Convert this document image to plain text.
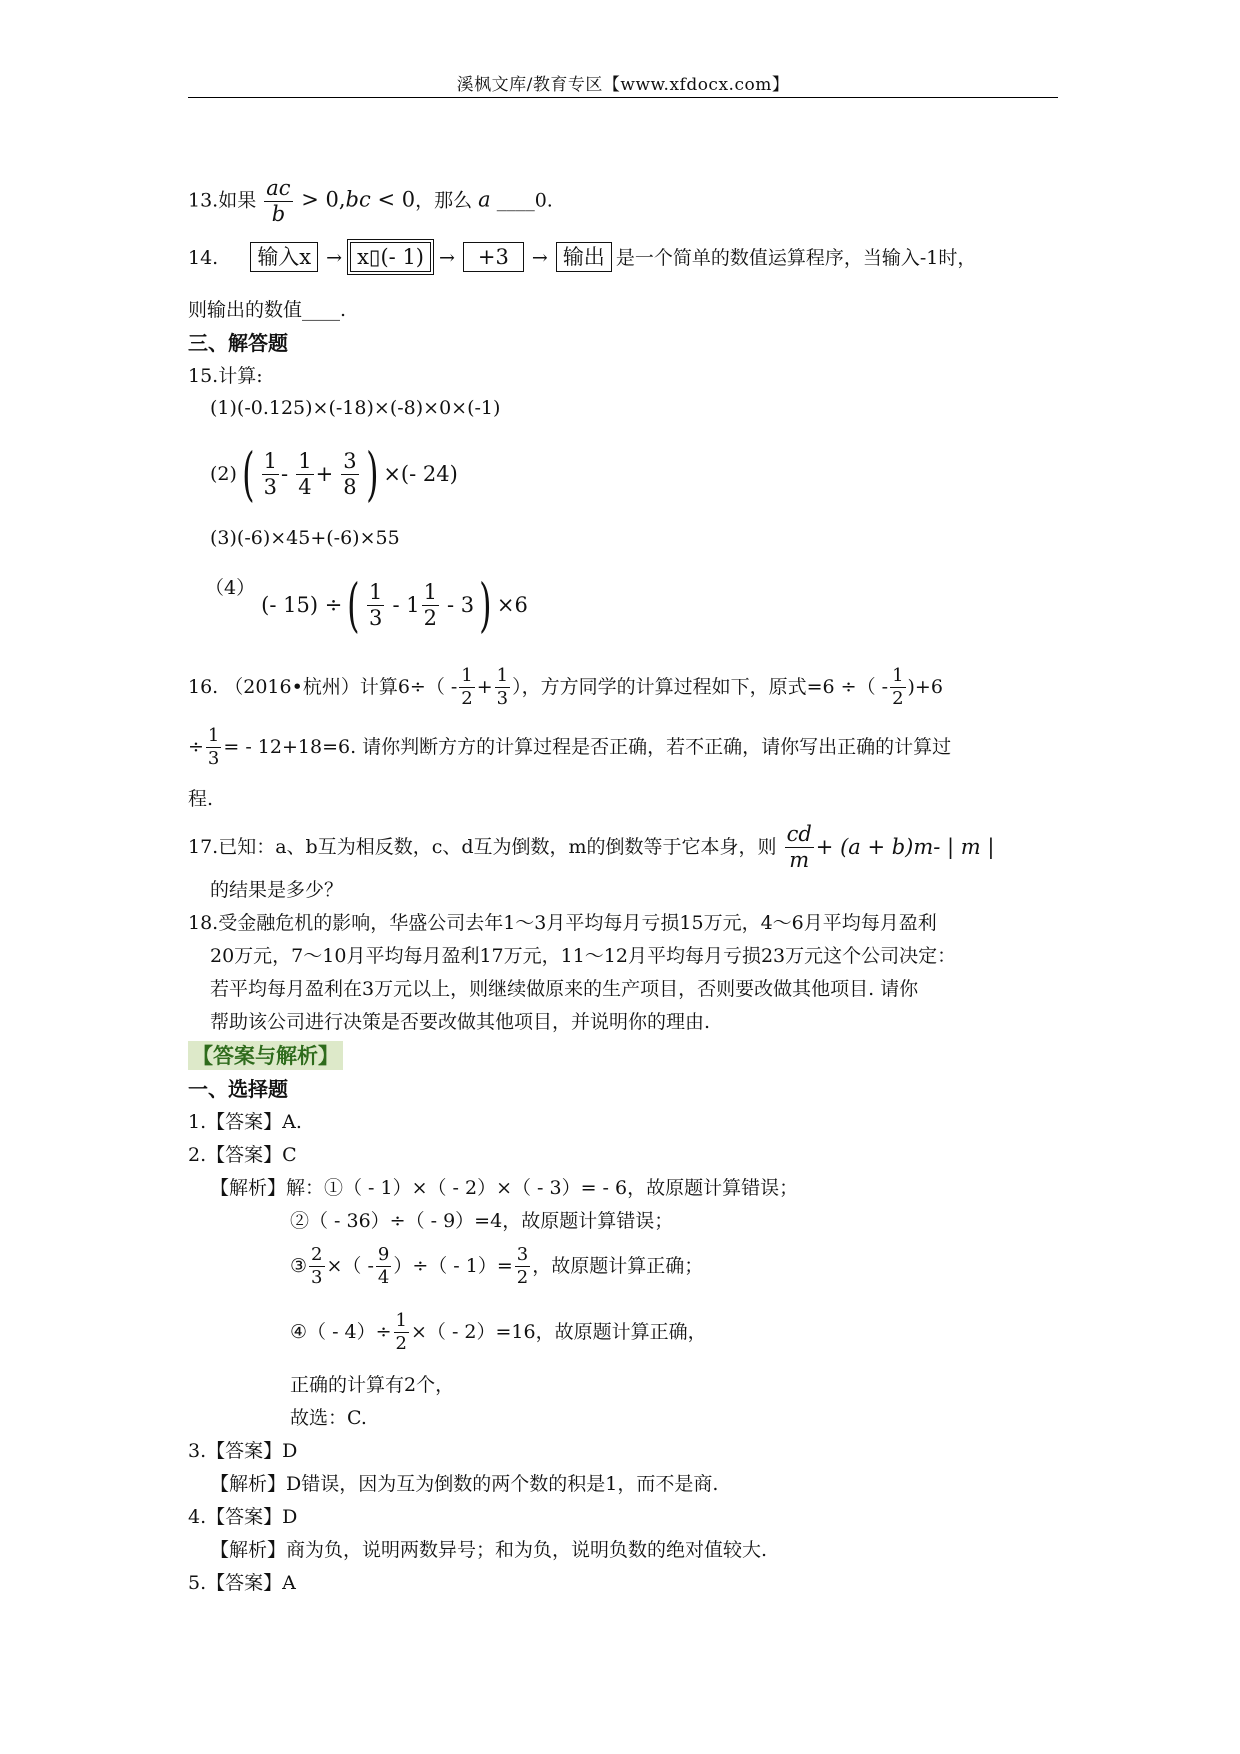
溪枫文库/教育专区【www.xfdocx.com】
13.如果 $\frac{ac}{b} > 0,bc < 0$，那么 a ____0.
14. 输入x → x▯(- 1) → +3 → 输出 是一个简单的数值运算程序，当输入-1时，
则输出的数值____.
三、解答题
15.计算:
(1)(-0.125)×(-18)×(-8)×0×(-1)
(2) ( $\frac{1}{3} - \frac{1}{4} + \frac{3}{8}$ ) ×(- 24)
(3)(-6)×45+(-6)×55
（4） (- 15) ÷ ( $\frac{1}{3} - 1 \frac{1}{2} - 3$ ) ×6
16. （2016•杭州）计算$6\div( - \frac{1}{2} + \frac{1}{3}$ ），方方同学的计算过程如下，原式=6 ÷（ - $\frac{1}{2} )+6$
÷ $\frac{1}{3}$ = - 12+18=6. 请你判断方方的计算过程是否正确，若不正确，请你写出正确的计算过
程.
17.已知：a、b互为相反数，c、d互为倒数，m的倒数等于它本身，则 $\frac{cd}{m} + (a + b)m-$ | m |
的结果是多少？
18.受金融危机的影响，华盛公司去年1～3月平均每月亏损15万元，4～6月平均每月盈利
20万元，7～10月平均每月盈利17万元，11～12月平均每月亏损23万元这个公司决定：
若平均每月盈利在3万元以上，则继续做原来的生产项目，否则要改做其他项目. 请你
帮助该公司进行决策是否要改做其他项目，并说明你的理由.
【答案与解析】
一、选择题
1.【答案】A.
2.【答案】C
【解析】解：①（ - 1）×（ - 2）×（ - 3）= - 6，故原题计算错误；
②（ - 36）÷（ - 9）=4，故原题计算错误；
③ $\frac{2}{3}$ ×（ - $\frac{9}{4}$ ）÷（ - $1)= \frac{3}{2}$ ，故原题计算正确；
④（ - $4)\div \frac{1}{2}$ ×（ - 2）=16，故原题计算正确，
正确的计算有2个，
故选：C.
3.【答案】D
【解析】D错误，因为互为倒数的两个数的积是1，而不是商.
4.【答案】D
【解析】商为负，说明两数异号；和为负，说明负数的绝对值较大.
5.【答案】A
